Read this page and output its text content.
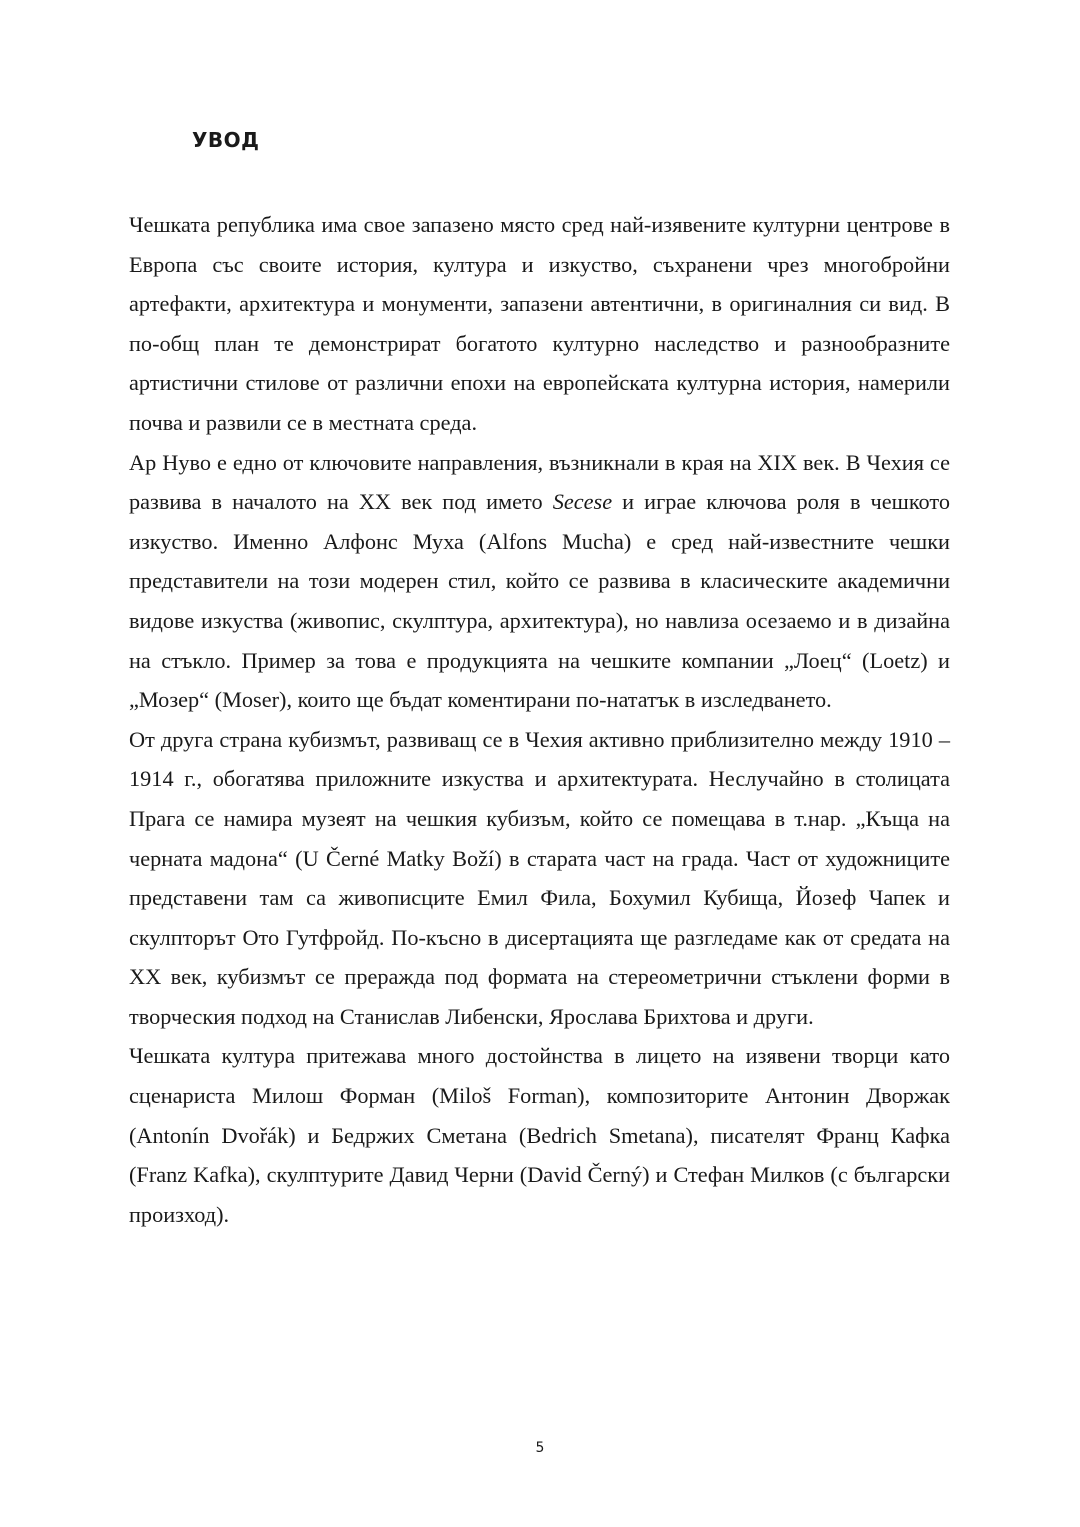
УВОД

Чешката република има свое запазено място сред най-изявените културни центрове в Европа със своите история, култура и изкуство, съхранени чрез многобройни артефакти, архитектура и монументи, запазени автентични, в оригиналния си вид. В по-общ план те демонстрират богатото културно наследство и разнообразните артистични стилове от различни епохи на европейската културна история, намерили почва и развили се в местната среда.

Ар Нуво е едно от ключовите направления, възникнали в края на XIX век. В Чехия се развива в началото на XX век под името Secese и играе ключова роля в чешкото изкуство. Именно Алфонс Муха (Alfons Mucha) е сред най-известните чешки представители на този модерен стил, който се развива в класическите академични видове изкуства (живопис, скулптура, архитектура), но навлиза осезаемо и в дизайна на стъкло. Пример за това е продукцията на чешките компании „Лоец“ (Loetz) и „Мозер“ (Moser), които ще бъдат коментирани по-нататък в изследването.

От друга страна кубизмът, развиващ се в Чехия активно приблизително между 1910 – 1914 г., обогатява приложните изкуства и архитектурата. Неслучайно в столицата Прага се намира музеят на чешкия кубизъм, който се помещава в т.нар. „Къща на черната мадона“ (U Černé Matky Boží) в старата част на града. Част от художниците представени там са живописците Емил Фила, Бохумил Кубища, Йозеф Чапек и скулпторът Ото Гутфройд. По-късно в дисертацията ще разгледаме как от средата на XX век, кубизмът се преражда под формата на стереометрични стъклени форми в творческия подход на Станислав Либенски, Ярослава Брихтова и други.

Чешката култура притежава много достойнства в лицето на изявени творци като сценариста Милош Форман (Miloš Forman), композиторите Антонин Дворжак (Antonín Dvořák) и Бедржих Сметана (Bedrich Smetana), писателят Франц Кафка (Franz Kafka), скулптурите Давид Черни (David Černý) и Стефан Милков (с български произход).

5
